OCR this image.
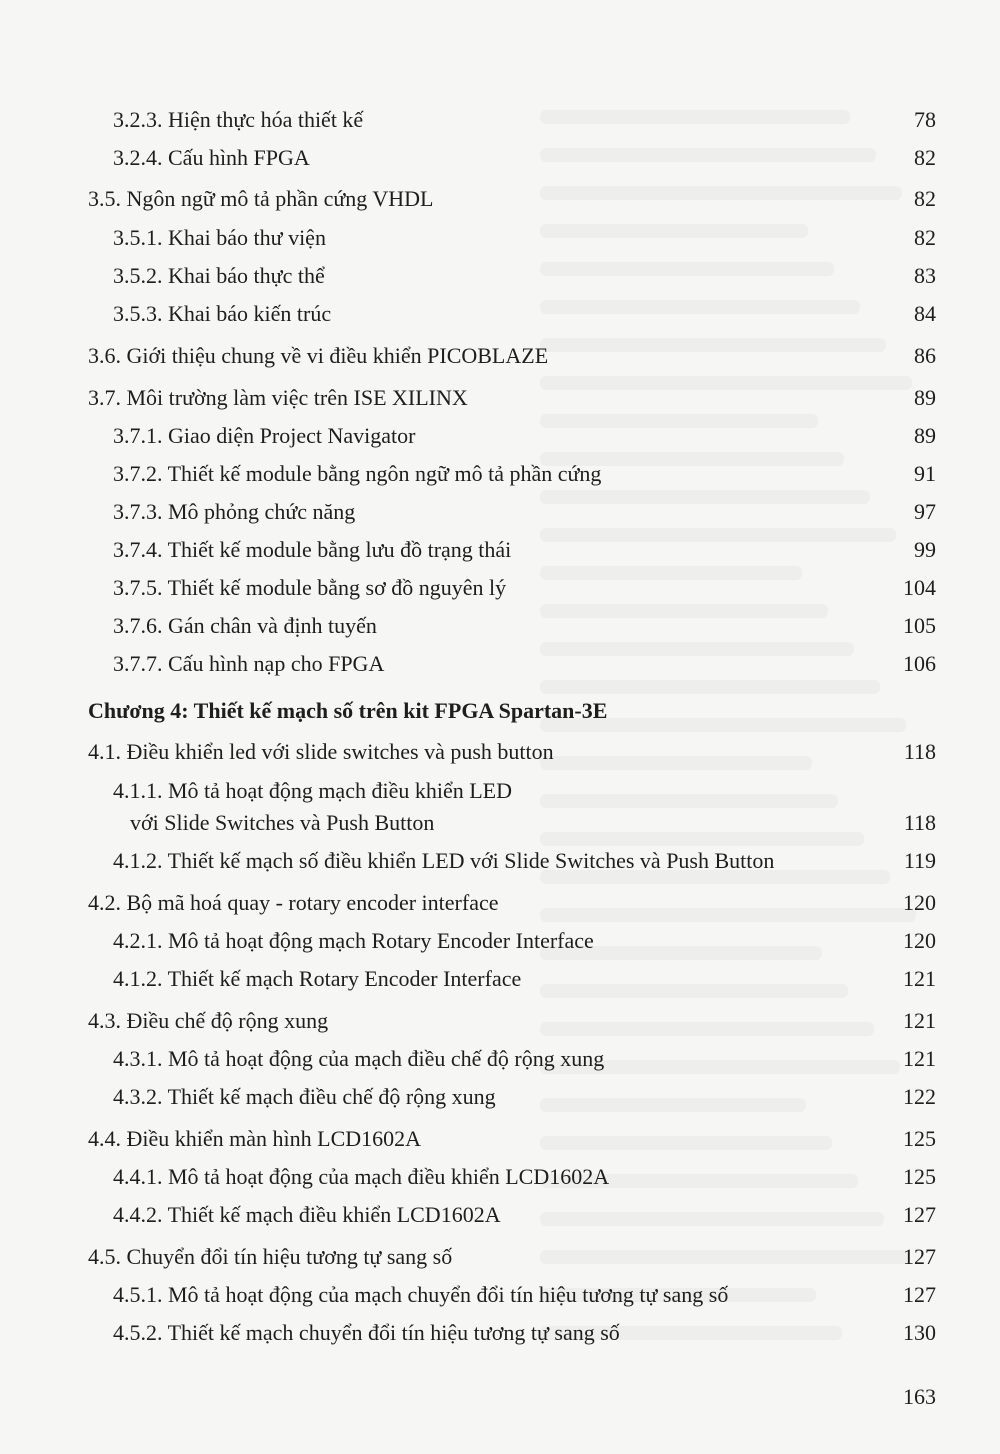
3.2.3. Hiện thực hóa thiết kế	78
3.2.4. Cấu hình FPGA	82
3.5. Ngôn ngữ mô tả phần cứng VHDL	82
3.5.1. Khai báo thư viện	82
3.5.2. Khai báo thực thể	83
3.5.3. Khai báo kiến trúc	84
3.6. Giới thiệu chung về vi điều khiển PICOBLAZE	86
3.7. Môi trường làm việc trên ISE XILINX	89
3.7.1. Giao diện Project Navigator	89
3.7.2. Thiết kế module bằng ngôn ngữ mô tả phần cứng	91
3.7.3. Mô phỏng chức năng	97
3.7.4. Thiết kế module bằng lưu đồ trạng thái	99
3.7.5. Thiết kế module bằng sơ đồ nguyên lý	104
3.7.6. Gán chân và định tuyến	105
3.7.7. Cấu hình nạp cho FPGA	106
Chương 4: Thiết kế mạch số trên kit FPGA Spartan-3E
4.1. Điều khiển led với slide switches và push button	118
4.1.1. Mô tả hoạt động mạch điều khiển LED
với Slide Switches và Push Button	118
4.1.2. Thiết kế mạch số điều khiển LED với Slide Switches và Push Button	119
4.2. Bộ mã hoá quay - rotary encoder interface	120
4.2.1. Mô tả hoạt động mạch Rotary Encoder Interface	120
4.1.2. Thiết kế mạch Rotary Encoder Interface	121
4.3. Điều chế độ rộng xung	121
4.3.1. Mô tả hoạt động của mạch điều chế độ rộng xung	121
4.3.2. Thiết kế mạch điều chế độ rộng xung	122
4.4. Điều khiển màn hình LCD1602A	125
4.4.1. Mô tả hoạt động của mạch điều khiển LCD1602A	125
4.4.2. Thiết kế mạch điều khiển LCD1602A	127
4.5. Chuyển đổi tín hiệu tương tự sang số	127
4.5.1. Mô tả hoạt động của mạch chuyển đổi tín hiệu tương tự sang số	127
4.5.2. Thiết kế mạch chuyển đổi tín hiệu tương tự sang số	130
163
